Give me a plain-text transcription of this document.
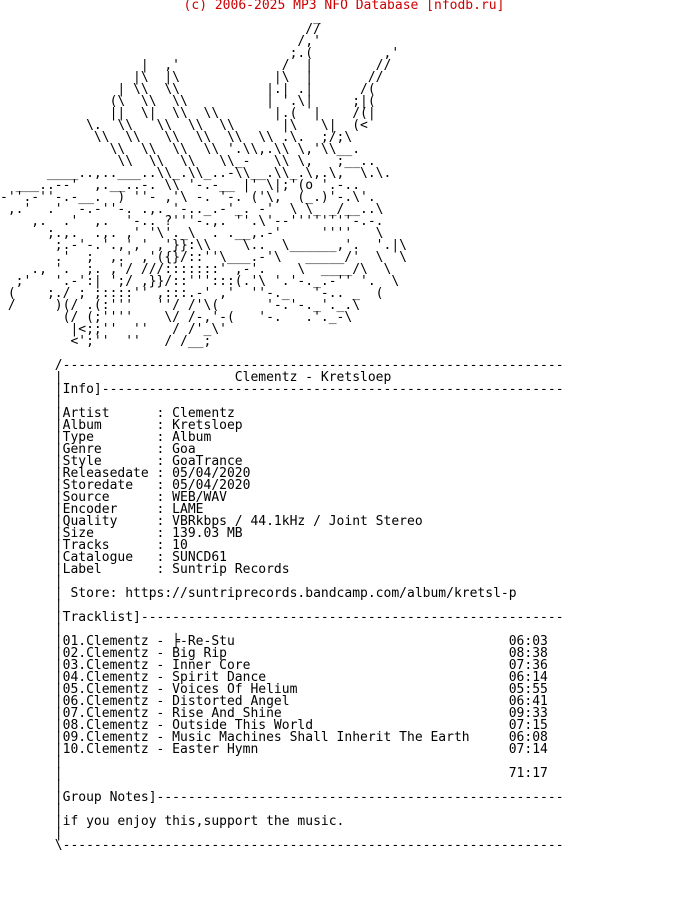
(c) 2006-2025 MP3 NFO Database [nfodb.ru]
_
//
/,'
;.(         ,'
|  ,'             /  |        //
|\  |\            |\  |       //
| \\  \\           |.| .|      /(
(\  \\  \\          | '.\|     ;|(
||  \|  \\  \\       |.(  |    /(|
\.  \\   \\  \\  \\      |\   \|  (<
\\  \\   \\  \\  \\  \\ .\.  ;/;\
\\  \\  \\  \\ '.\\,.\\ \,'\\__.
\\  \\  \\   \\_-   \\ \,   ;__..
____..,..___..\\_.\\_..-\\__.\\_.\,.\,  \.\.
___..--'  ,.__..-. \\ '-.-__ |' \|;'(o '.-..
-''.-''-.-__.  ) ''- ,'\ -. '-. ('\,  (_.)'-.\'.
,.'  .'  -.-''-. .,. '-.._.-'_. -'  \ \_ _/__..\
,.  .'  ,.  '-.. ?'''-.,. ''.\'--''''''''-.-.
;.,.  .,. ,' '\'._\  . .__,.-'     ''''   \
;.-'-.'.,',' ,'}}:\\    \..  \______,'.  '.|\
.'  ;  ,.' ,'({}/::''\___.-'\   _____/'  \  \
., '.  ;. ,'/ ///:::::::' ,-'.    \  ____/\  \
;'   '.-':| ';/ ,}}/::''':::(.'\ '.'-._.-'' '.  \
(    ;./ ; ;::::'' ,:::.-' ,'  ''-._   '-.. _  (
/     )(/ .(:'''   ''/ /'\(      '-.'-._'._.\
(/ (;''''    \/ /-,'-(   '-.   .'._-\
|<;;''  ''   / /'_\'
<';''  ''   / /__;
/----------------------------------------------------------------
|                      Clementz - Kretsloep
|Info]-----------------------------------------------------------
|
|Artist      : Clementz
|Album       : Kretsloep
|Type        : Album
|Genre       : Goa
|Style       : GoaTrance
|Releasedate : 05/04/2020
|Storedate   : 05/04/2020
|Source      : WEB/WAV
|Encoder     : LAME
|Quality     : VBRkbps / 44.1kHz / Joint Stereo
|Size        : 139.03 MB
|Tracks      : 10
|Catalogue   : SUNCD61
|Label       : Suntrip Records
|
| Store: https://suntriprecords.bandcamp.com/album/kretsl-p
|
|Tracklist]------------------------------------------------------
|
|01.Clementz - ╞-Re-Stu                                   06:03
|02.Clementz - Big Rip                                    08:38
|03.Clementz - Inner Core                                 07:36
|04.Clementz - Spirit Dance                               06:14
|05.Clementz - Voices Of Helium                           05:55
|06.Clementz - Distorted Angel                            06:41
|07.Clementz - Rise And Shine                             09:33
|08.Clementz - Outside This World                         07:15
|09.Clementz - Music Machines Shall Inherit The Earth     06:08
|10.Clementz - Easter Hymn                                07:14
|
|                                                         71:17
|
|Group Notes]----------------------------------------------------
|
|if you enjoy this,support the music.
|
\----------------------------------------------------------------
